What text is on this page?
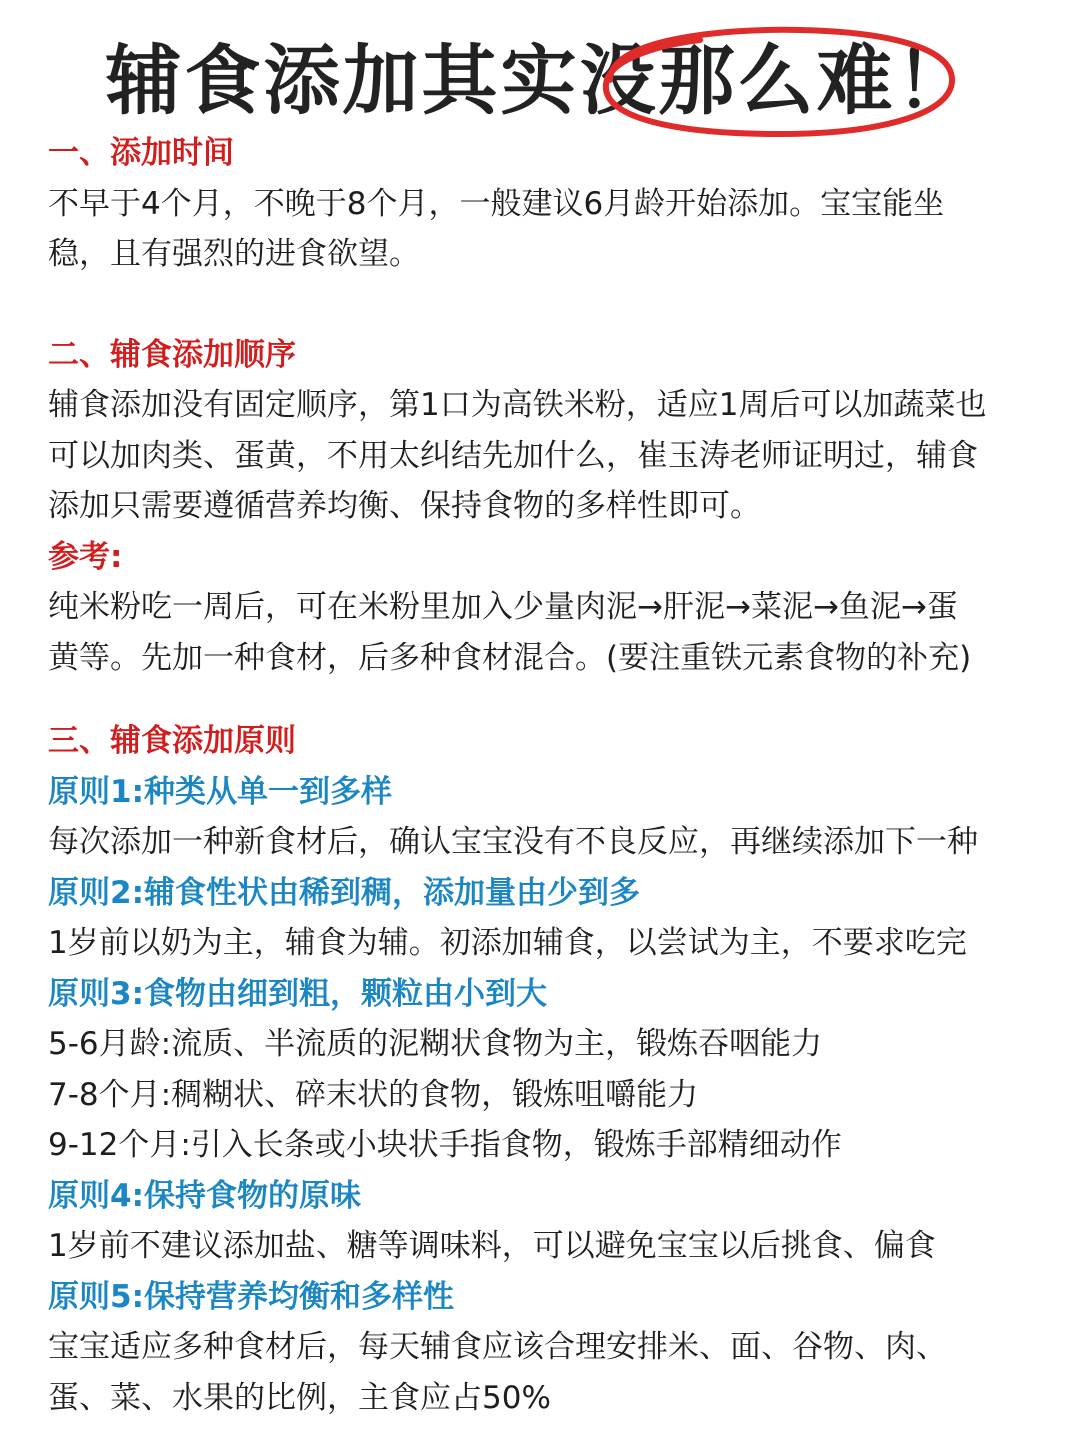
辅食添加其实没那么难！

一、添加时间

不早于4个月，不晚于8个月，一般建议6月龄开始添加。宝宝能坐

稳，且有强烈的进食欲望。

二、辅食添加顺序

辅食添加没有固定顺序，第1口为高铁米粉，适应1周后可以加蔬菜也

可以加肉类、蛋黄，不用太纠结先加什么，崔玉涛老师证明过，辅食

添加只需要遵循营养均衡、保持食物的多样性即可。

参考:

纯米粉吃一周后，可在米粉里加入少量肉泥→肝泥→菜泥→鱼泥→蛋

黄等。先加一种食材，后多种食材混合。(要注重铁元素食物的补充)

三、辅食添加原则

原则1:种类从单一到多样

每次添加一种新食材后，确认宝宝没有不良反应，再继续添加下一种

原则2:辅食性状由稀到稠，添加量由少到多

1岁前以奶为主，辅食为辅。初添加辅食，以尝试为主，不要求吃完

原则3:食物由细到粗，颗粒由小到大

5-6月龄:流质、半流质的泥糊状食物为主，锻炼吞咽能力

7-8个月:稠糊状、碎末状的食物，锻炼咀嚼能力

9-12个月:引入长条或小块状手指食物，锻炼手部精细动作

原则4:保持食物的原味

1岁前不建议添加盐、糖等调味料，可以避免宝宝以后挑食、偏食

原则5:保持营养均衡和多样性

宝宝适应多种食材后，每天辅食应该合理安排米、面、谷物、肉、

蛋、菜、水果的比例，主食应占50%
